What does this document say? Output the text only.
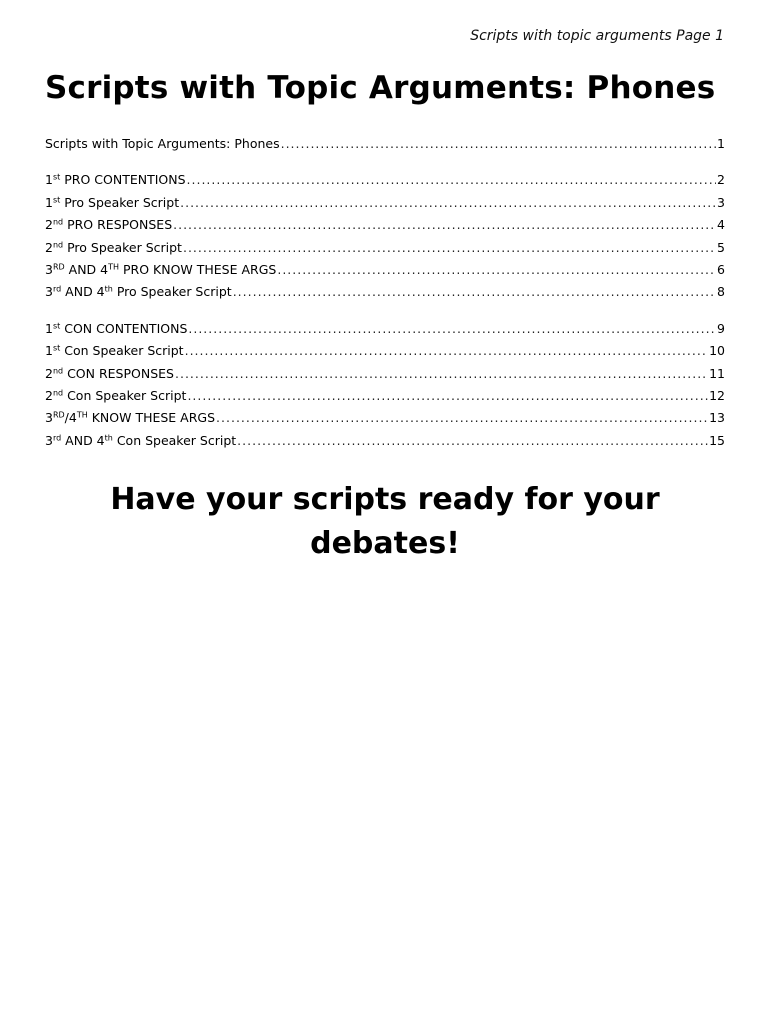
Scripts with topic arguments Page 1
Scripts with Topic Arguments: Phones
Scripts with Topic Arguments: Phones .....	1
1st PRO CONTENTIONS .....	2
1st Pro Speaker Script .....	3
2nd PRO RESPONSES .....	4
2nd Pro Speaker Script .....	5
3RD AND 4TH PRO KNOW THESE ARGS .....	6
3rd AND 4th Pro Speaker Script .....	8
1st CON CONTENTIONS .....	9
1st Con Speaker Script .....	10
2nd CON RESPONSES .....	11
2nd Con Speaker Script .....	12
3RD/4TH KNOW THESE ARGS .....	13
3rd AND 4th Con Speaker Script .....	15

Have your scripts ready for your
debates!
